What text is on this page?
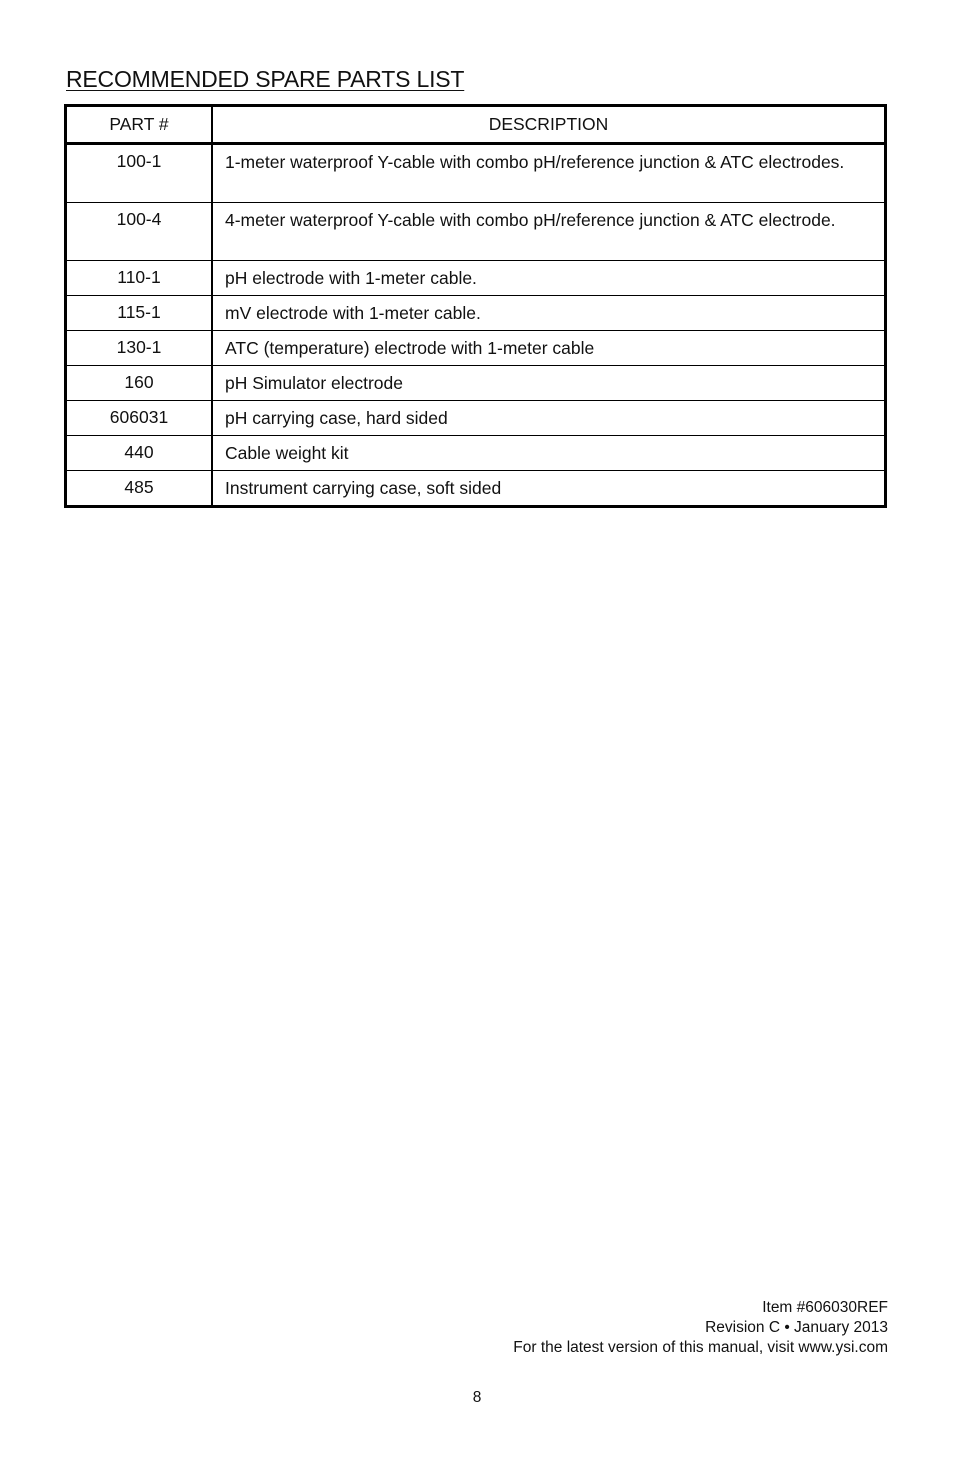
RECOMMENDED SPARE PARTS LIST
PART #	DESCRIPTION
100-1	1-meter waterproof Y-cable with combo pH/reference junction & ATC electrodes.
100-4	4-meter waterproof Y-cable with combo pH/reference junction & ATC electrode.
110-1	pH electrode with 1-meter cable.
115-1	mV electrode with 1-meter cable.
130-1	ATC (temperature) electrode with 1-meter cable
160	pH Simulator electrode
606031	pH carrying case, hard sided
440	Cable weight kit
485	Instrument carrying case, soft sided
Item #606030REF
Revision C • January 2013
For the latest version of this manual, visit www.ysi.com
8
